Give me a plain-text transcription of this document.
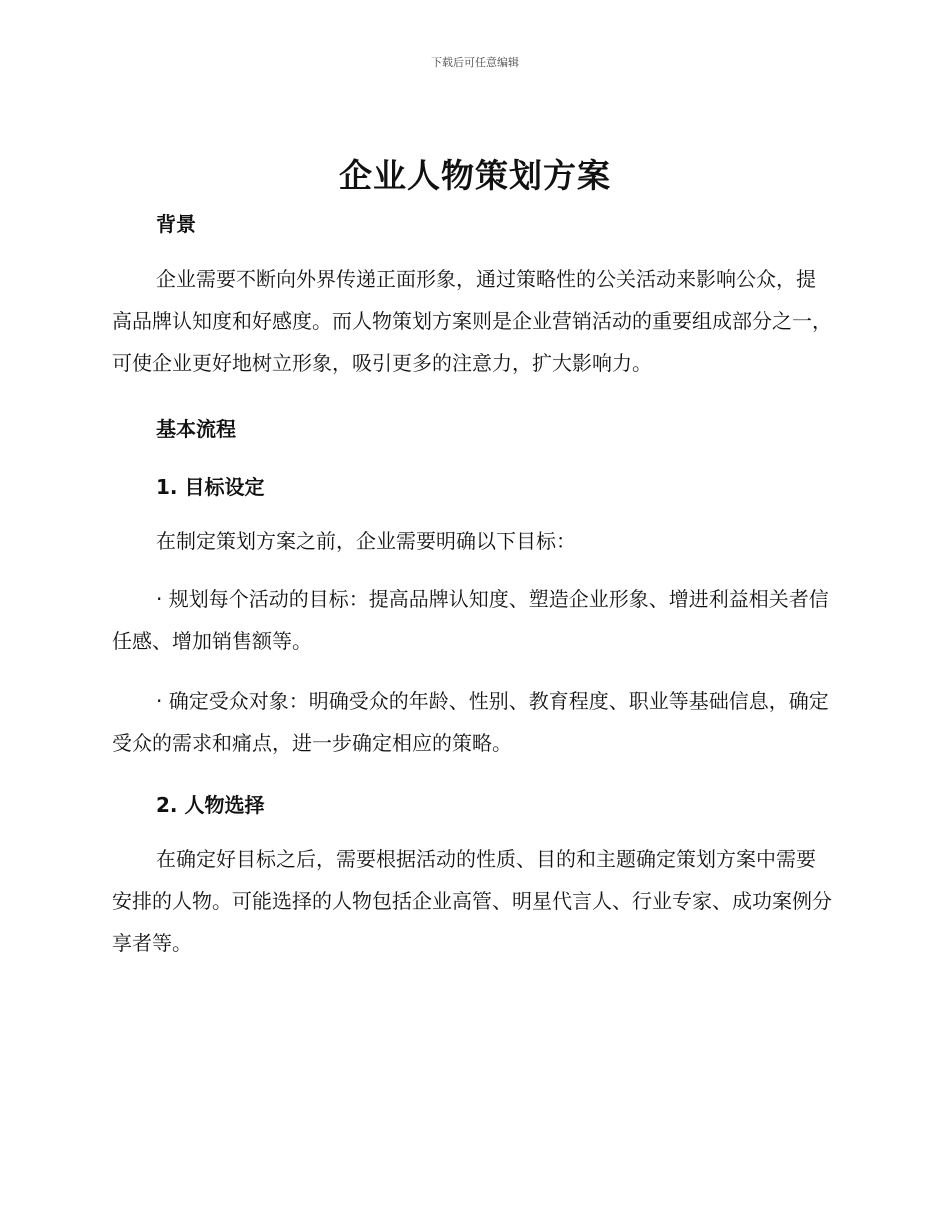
下载后可任意编辑
企业人物策划方案
背景

企业需要不断向外界传递正面形象，通过策略性的公关活动来影响公众，提高品牌认知度和好感度。而人物策划方案则是企业营销活动的重要组成部分之一，可使企业更好地树立形象，吸引更多的注意力，扩大影响力。

基本流程
1. 目标设定

在制定策划方案之前，企业需要明确以下目标：

· 规划每个活动的目标：提高品牌认知度、塑造企业形象、增进利益相关者信任感、增加销售额等。

· 确定受众对象：明确受众的年龄、性别、教育程度、职业等基础信息，确定受众的需求和痛点，进一步确定相应的策略。

2. 人物选择

在确定好目标之后，需要根据活动的性质、目的和主题确定策划方案中需要安排的人物。可能选择的人物包括企业高管、明星代言人、行业专家、成功案例分享者等。
